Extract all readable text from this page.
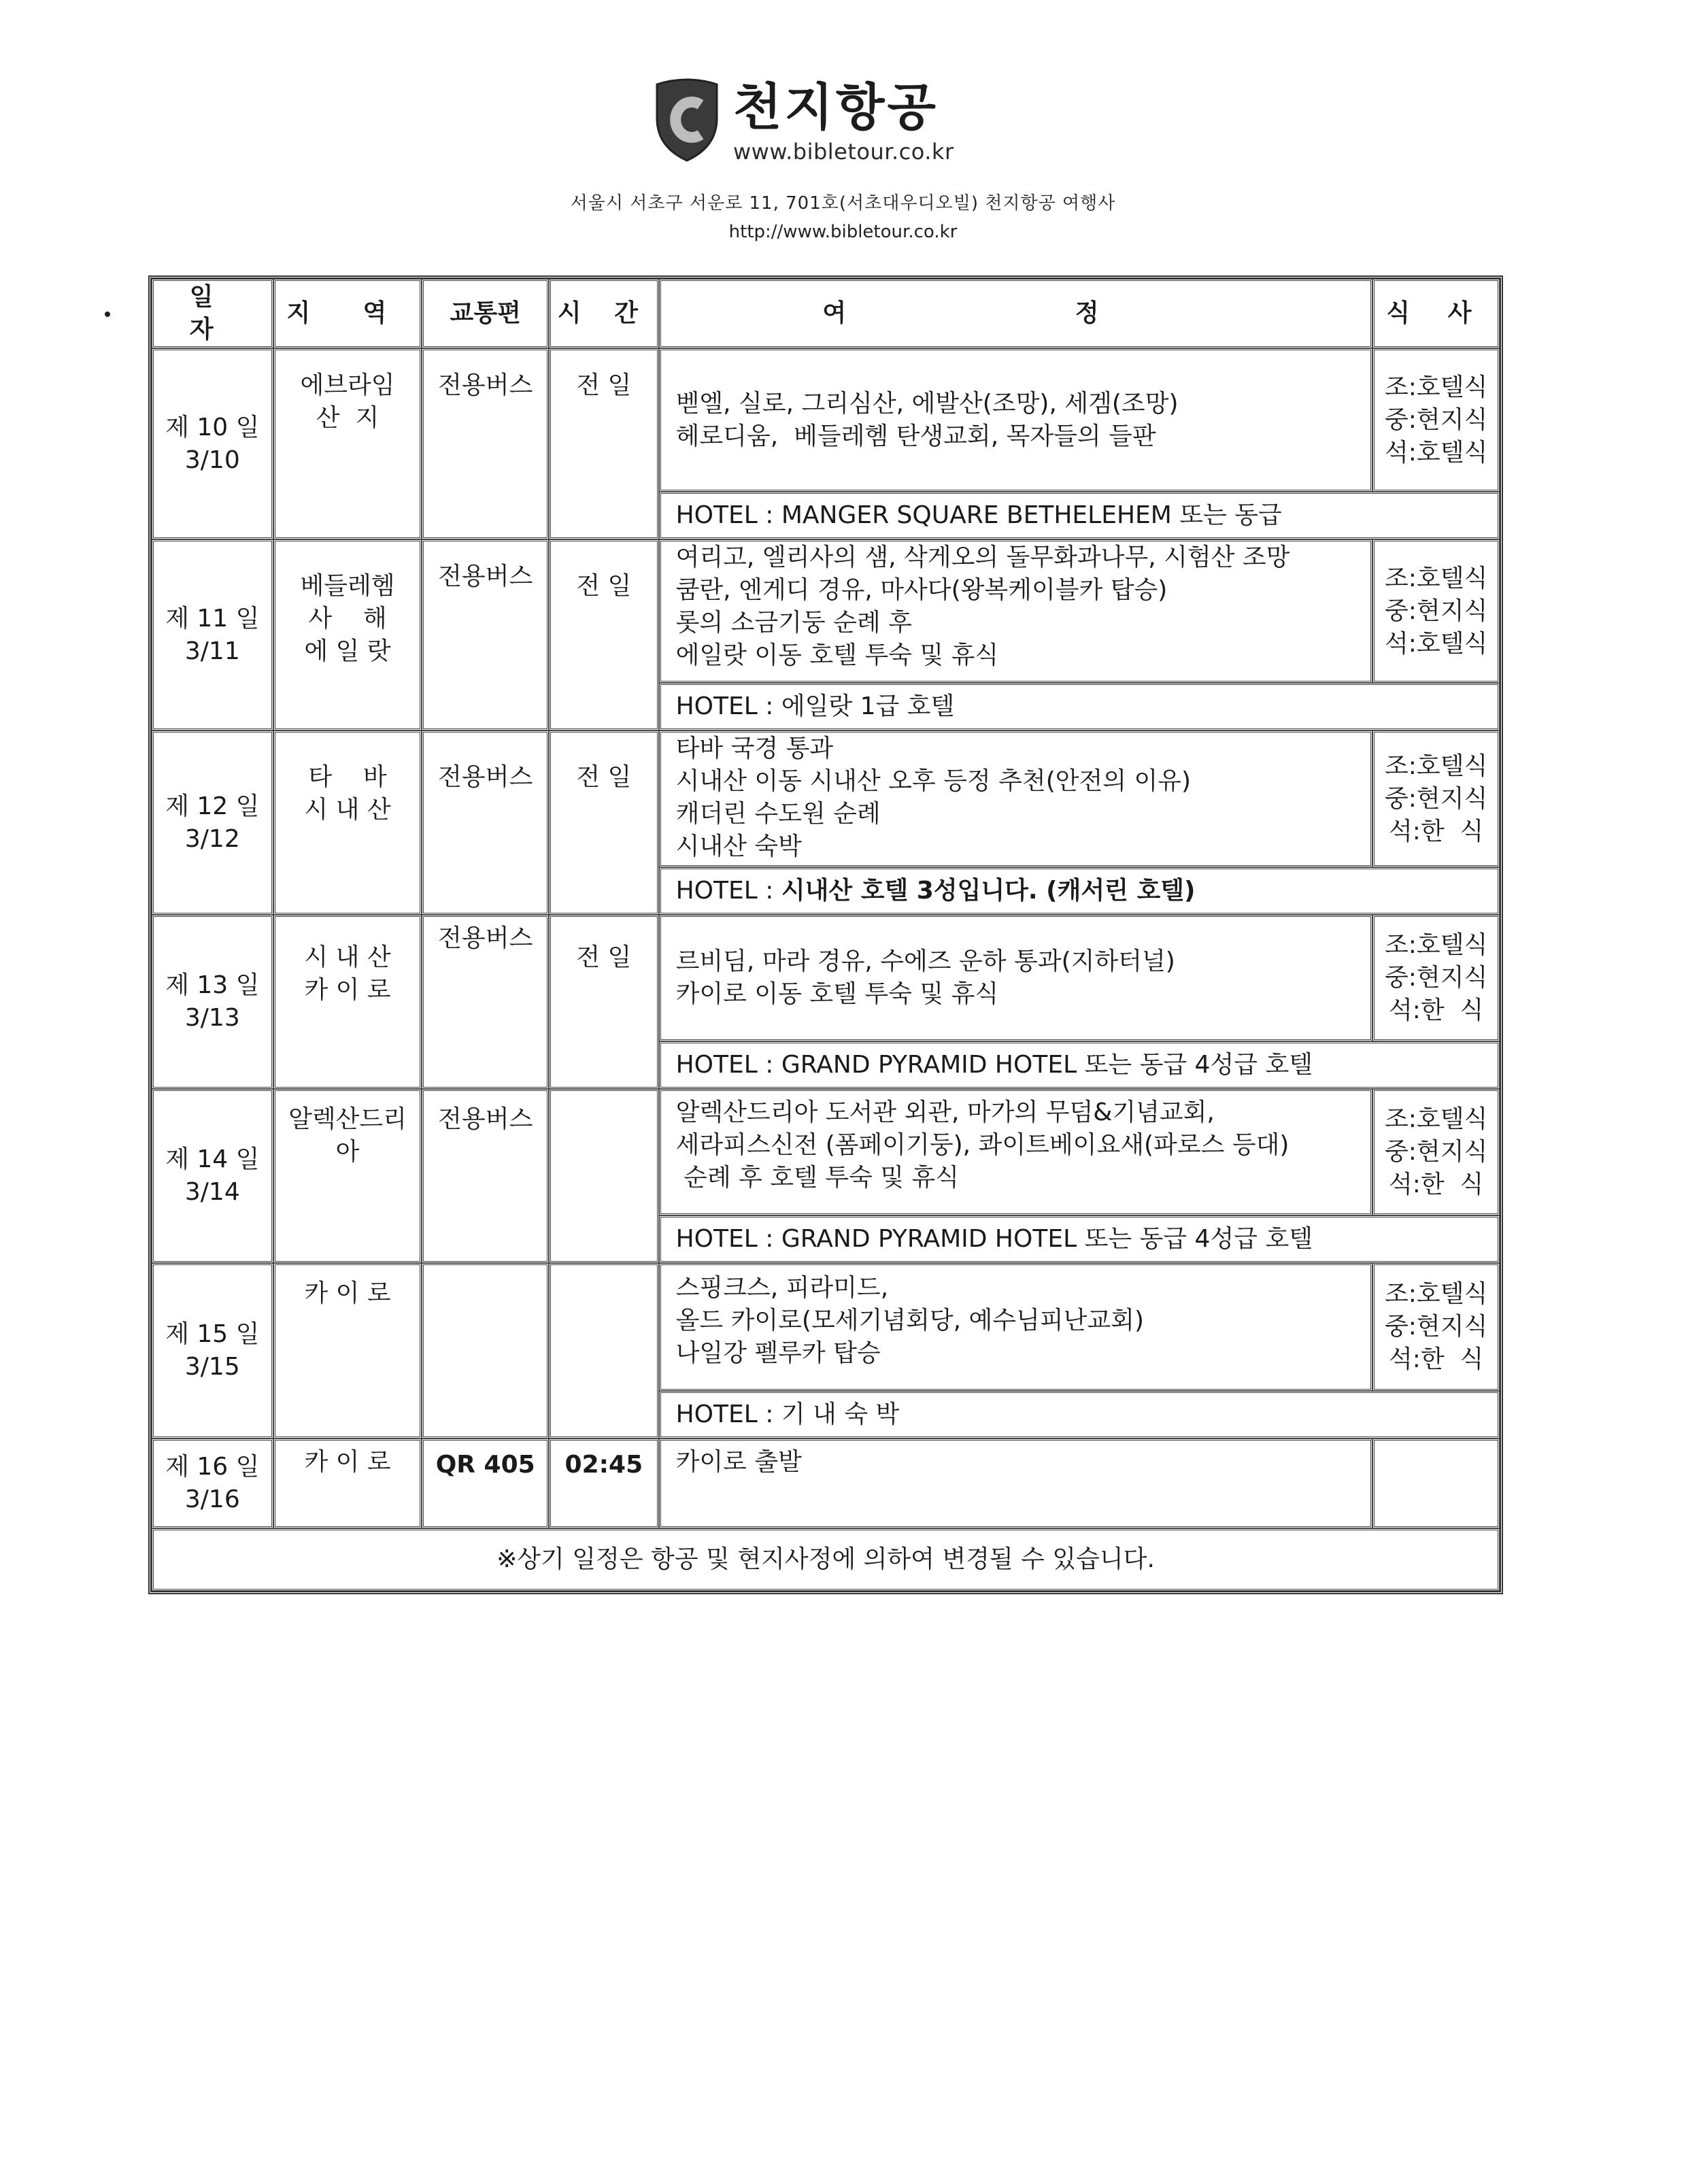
천지항공
www.bibletour.co.kr
서울시 서초구 서운로 11, 701호(서초대우디오빌) 천지항공 여행사
http://www.bibletour.co.kr
일 자	지 역	교통편	시 간	여 정	식 사

제 10 일
3/10	에브라임
산  지	전용버스	전 일	벧엘, 실로, 그리심산, 에발산(조망), 세겜(조망)
헤로디움,  베들레헴 탄생교회, 목자들의 들판	조:호텔식
중:현지식
석:호텔식

				HOTEL : MANGER SQUARE BETHELEHEM 또는 동급	

제 11 일
3/11	베들레헴
사    해
에 일 랏	전용버스	전 일	여리고, 엘리사의 샘, 삭게오의 돌무화과나무, 시험산 조망
쿰란, 엔게디 경유, 마사다(왕복케이블카 탑승)
롯의 소금기둥 순례 후
에일랏 이동 호텔 투숙 및 휴식	조:호텔식
중:현지식
석:호텔식

				HOTEL : 에일랏 1급 호텔	

제 12 일
3/12	타    바
시 내 산	전용버스	전 일	타바 국경 통과
시내산 이동 시내산 오후 등정 추천(안전의 이유)
캐더린 수도원 순례
시내산 숙박	조:호텔식
중:현지식
석:한  식

				HOTEL : 시내산 호텔 3성입니다. (캐서린 호텔)	

제 13 일
3/13	시 내 산
카 이 로	전용버스	전 일	르비딤, 마라 경유, 수에즈 운하 통과(지하터널)
카이로 이동 호텔 투숙 및 휴식	조:호텔식
중:현지식
석:한  식

				HOTEL : GRAND PYRAMID HOTEL 또는 동급 4성급 호텔	

제 14 일
3/14	알렉산드리
아	전용버스		알렉산드리아 도서관 외관, 마가의 무덤&기념교회,
세라피스신전 (폼페이기둥), 콰이트베이요새(파로스 등대)
순례 후 호텔 투숙 및 휴식	조:호텔식
중:현지식
석:한  식

				HOTEL : GRAND PYRAMID HOTEL 또는 동급 4성급 호텔	

제 15 일
3/15	카 이 로			스핑크스, 피라미드,
올드 카이로(모세기념회당, 예수님피난교회)
나일강 펠루카 탑승	조:호텔식
중:현지식
석:한  식

				HOTEL : 기 내 숙 박	

제 16 일
3/16	카 이 로	QR 405	02:45	카이로 출발	

※상기 일정은 항공 및 현지사정에 의하여 변경될 수 있습니다.					
